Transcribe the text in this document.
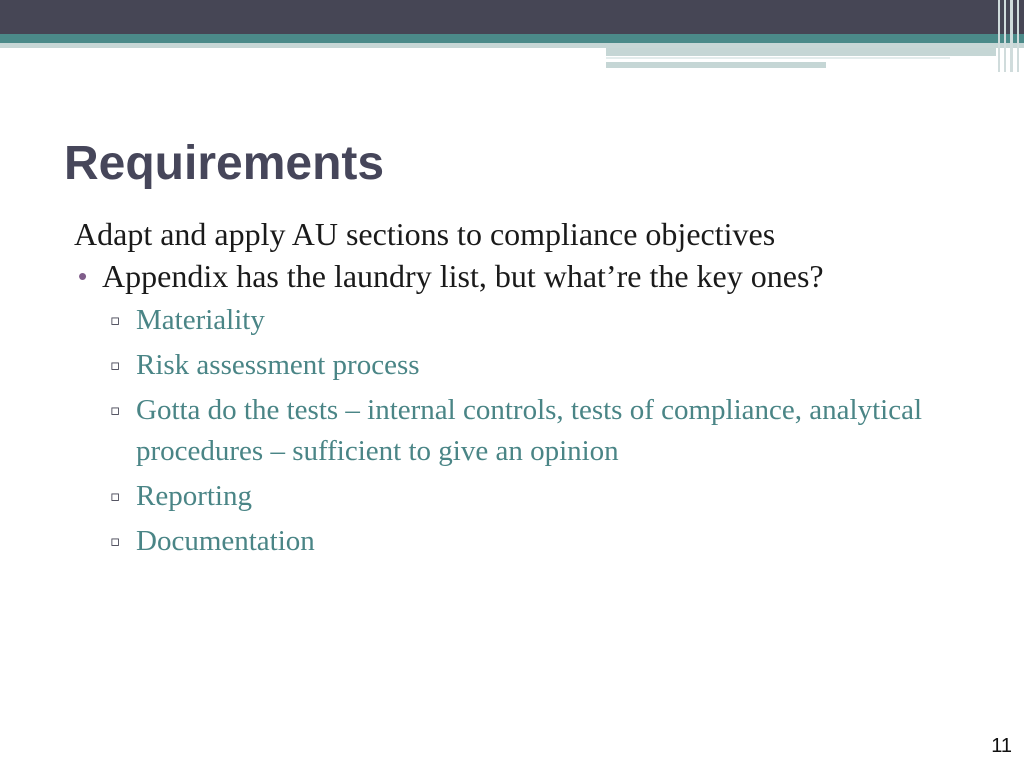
Requirements

Adapt and apply AU sections to compliance objectives

• Appendix has the laundry list, but what’re the key ones?
▫ Materiality
▫ Risk assessment process
▫ Gotta do the tests – internal controls, tests of compliance, analytical procedures – sufficient to give an opinion
▫ Reporting
▫ Documentation
11
